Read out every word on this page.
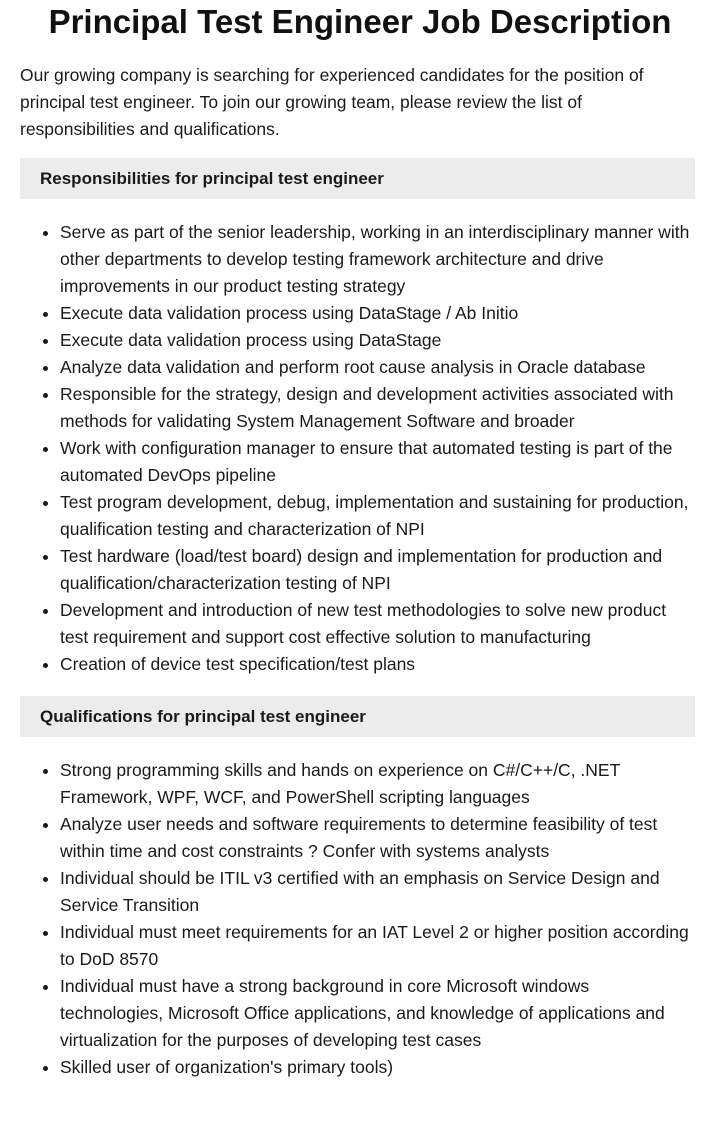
Principal Test Engineer Job Description

Our growing company is searching for experienced candidates for the position of principal test engineer. To join our growing team, please review the list of responsibilities and qualifications.

Responsibilities for principal test engineer
• Serve as part of the senior leadership, working in an interdisciplinary manner with other departments to develop testing framework architecture and drive improvements in our product testing strategy
• Execute data validation process using DataStage / Ab Initio
• Execute data validation process using DataStage
• Analyze data validation and perform root cause analysis in Oracle database
• Responsible for the strategy, design and development activities associated with methods for validating System Management Software and broader
• Work with configuration manager to ensure that automated testing is part of the automated DevOps pipeline
• Test program development, debug, implementation and sustaining for production, qualification testing and characterization of NPI
• Test hardware (load/test board) design and implementation for production and qualification/characterization testing of NPI
• Development and introduction of new test methodologies to solve new product test requirement and support cost effective solution to manufacturing
• Creation of device test specification/test plans
Qualifications for principal test engineer
• Strong programming skills and hands on experience on C#/C++/C, .NET Framework, WPF, WCF, and PowerShell scripting languages
• Analyze user needs and software requirements to determine feasibility of test within time and cost constraints ? Confer with systems analysts
• Individual should be ITIL v3 certified with an emphasis on Service Design and Service Transition
• Individual must meet requirements for an IAT Level 2 or higher position according to DoD 8570
• Individual must have a strong background in core Microsoft windows technologies, Microsoft Office applications, and knowledge of applications and virtualization for the purposes of developing test cases
• Skilled user of organization's primary tools)
